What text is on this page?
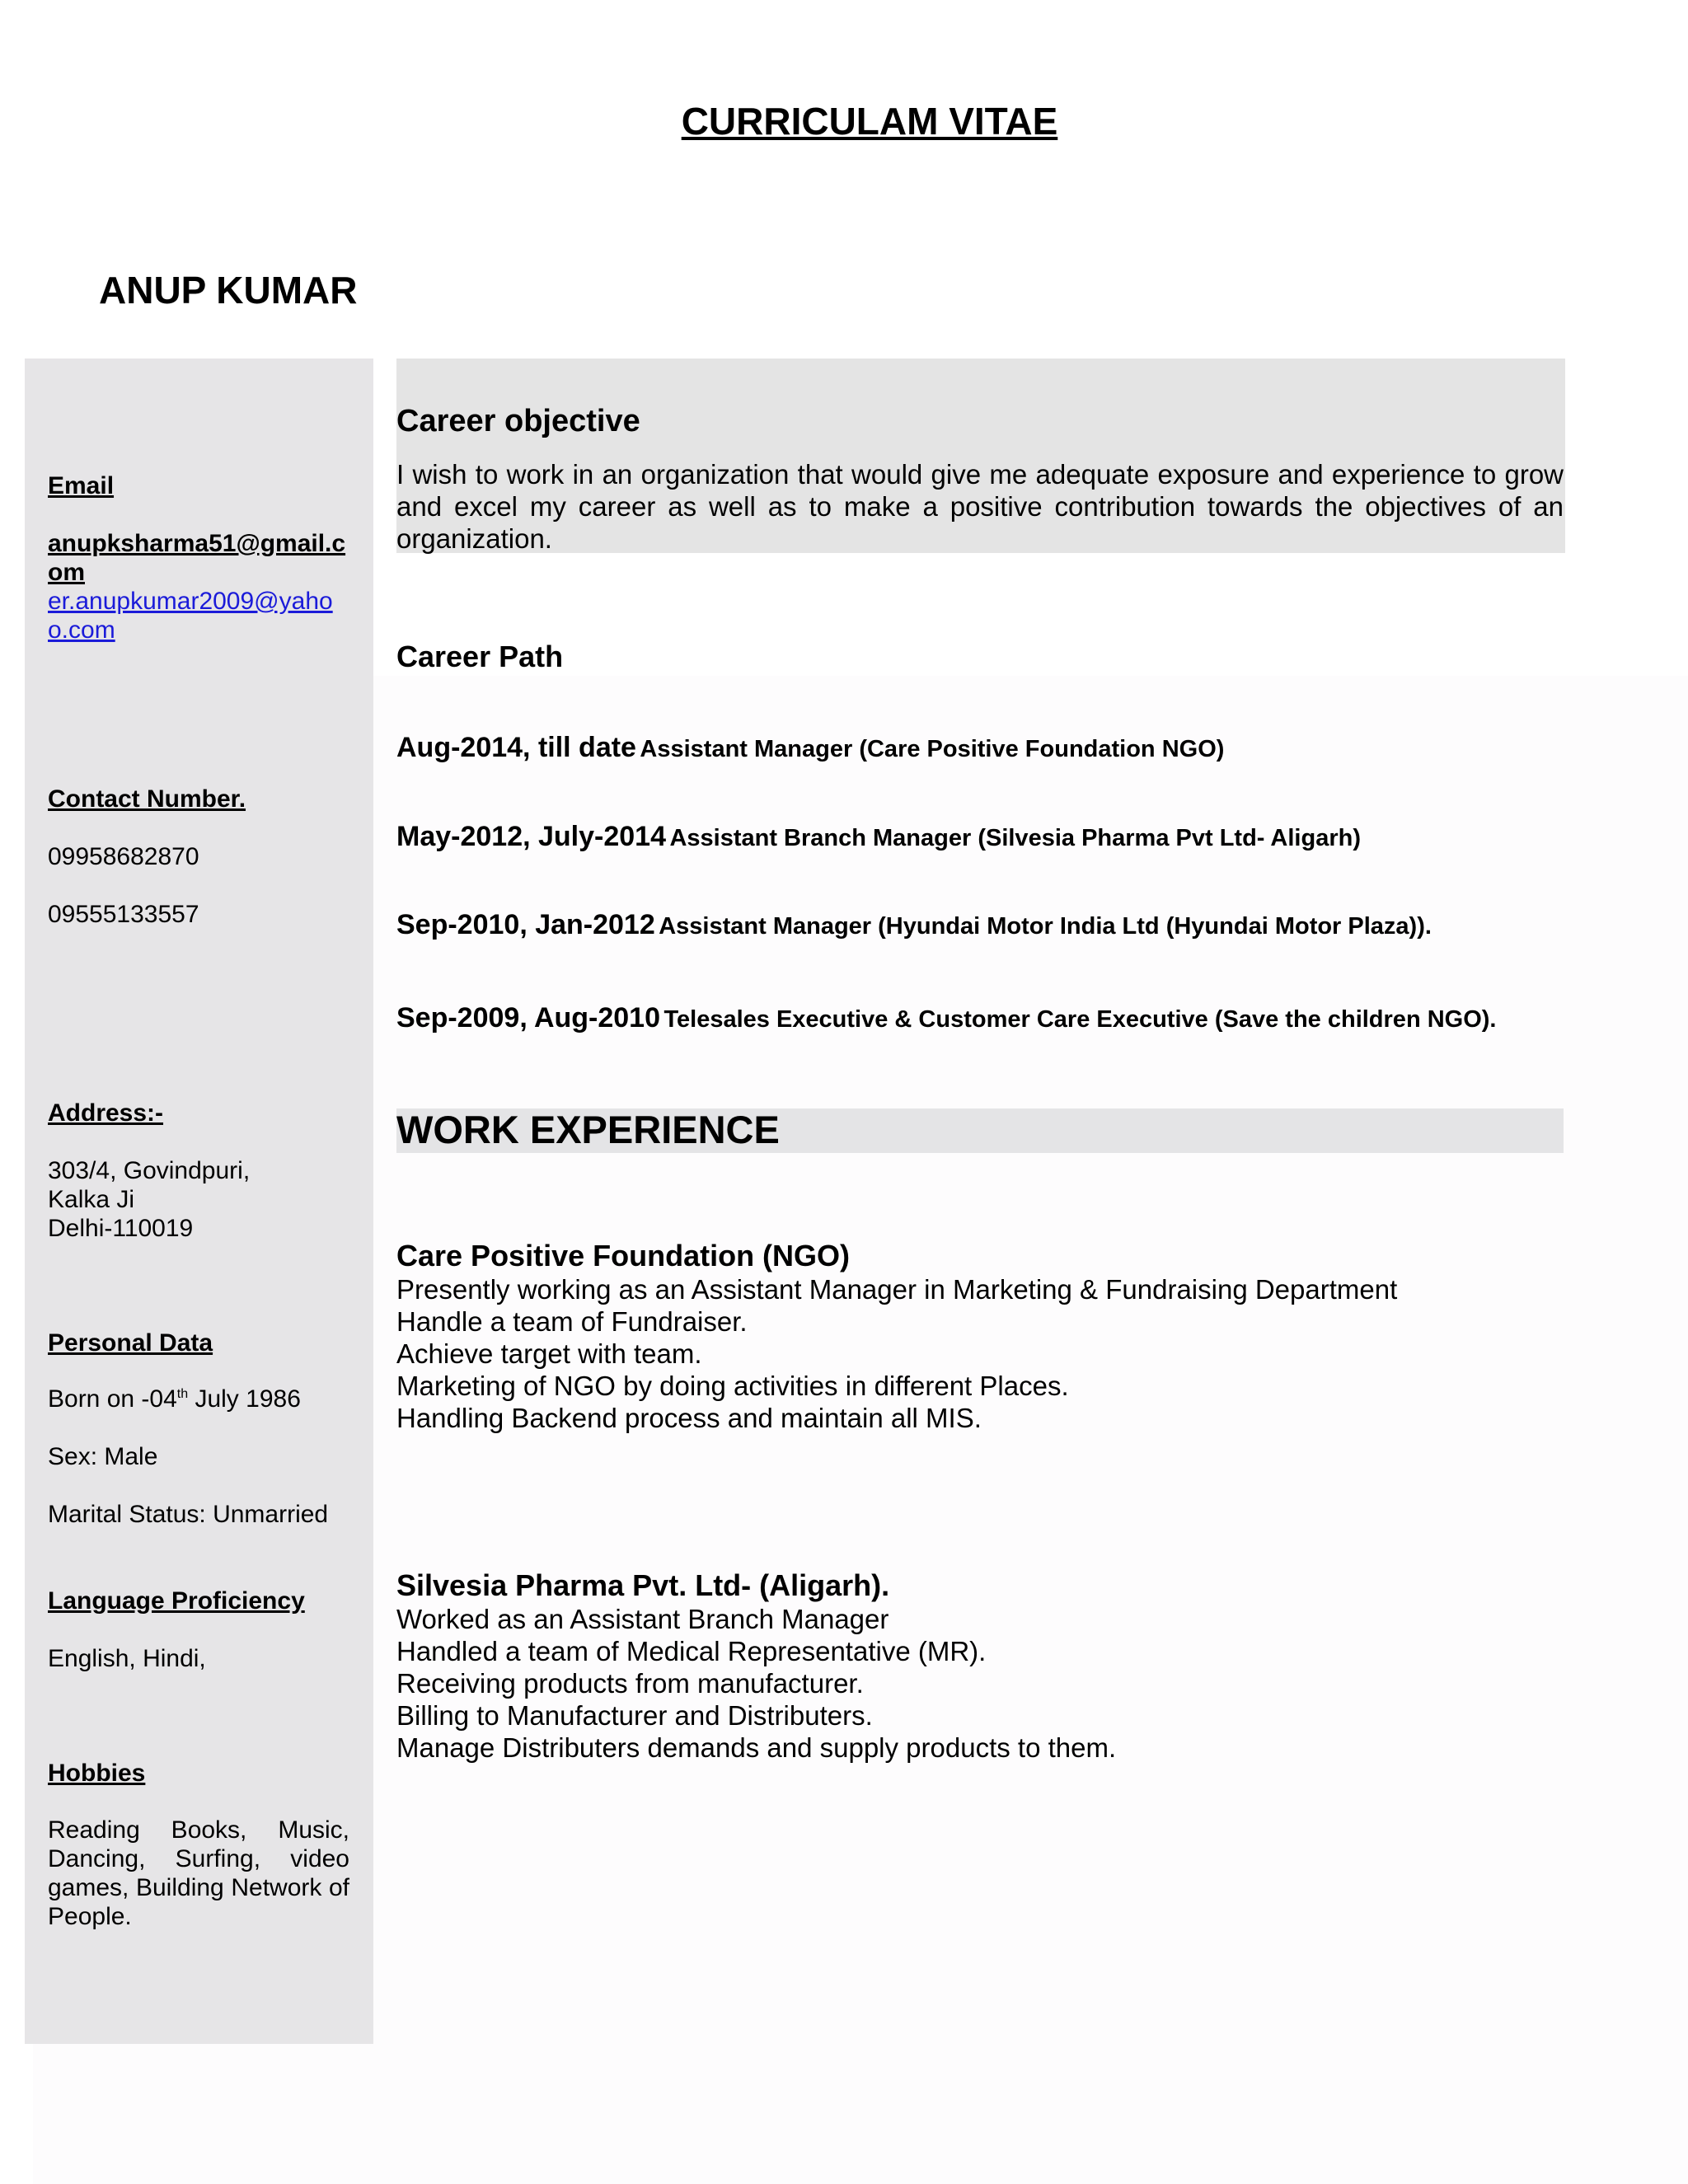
CURRICULAM VITAE
ANUP KUMAR
Email
anupksharma51@gmail.com
er.anupkumar2009@yahoo.com
Contact Number.
09958682870
09555133557
Address:-
303/4, Govindpuri,
Kalka Ji
Delhi-110019
Personal Data
Born on -04th July 1986
Sex: Male
Marital Status: Unmarried
Language Proficiency
English, Hindi,
Hobbies
Reading Books, Music, Dancing, Surfing, video games, Building Network of People.
Career objective
I wish to work in an organization that would give me adequate exposure and experience to grow and excel my career as well as to make a positive contribution towards the objectives of an organization.
Career Path
Aug-2014, till date Assistant Manager (Care Positive Foundation NGO)
May-2012, July-2014 Assistant Branch Manager (Silvesia Pharma Pvt Ltd- Aligarh)
Sep-2010, Jan-2012 Assistant Manager (Hyundai Motor India Ltd (Hyundai Motor Plaza)).
Sep-2009, Aug-2010 Telesales Executive & Customer Care Executive (Save the children NGO).
WORK EXPERIENCE
Care Positive Foundation (NGO)
Presently working as an Assistant Manager in Marketing & Fundraising Department
Handle a team of Fundraiser.
Achieve target with team.
Marketing of NGO by doing activities in different Places.
Handling Backend process and maintain all MIS.
Silvesia Pharma Pvt. Ltd- (Aligarh).
Worked as an Assistant Branch Manager
Handled a team of Medical Representative (MR).
Receiving products from manufacturer.
Billing to Manufacturer and Distributers.
Manage Distributers demands and supply products to them.
